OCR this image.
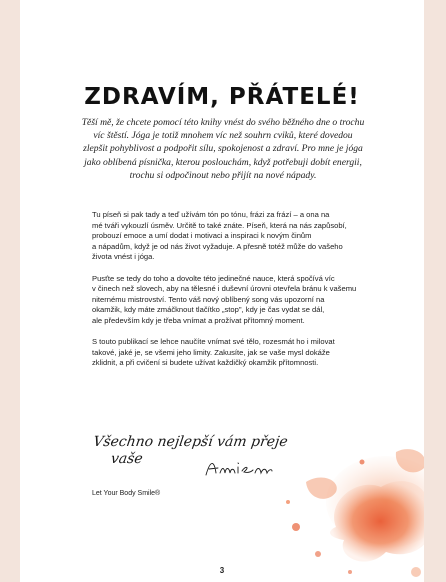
ZDRAVÍM, PŘÁTELÉ!
Těší mě, že chcete pomocí této knihy vnést do svého běžného dne o trochu
víc štěstí. Jóga je totiž mnohem víc než souhrn cviků, které dovedou
zlepšit pohyblivost a podpořit sílu, spokojenost a zdraví. Pro mne je jóga
jako oblíbená písnička, kterou poslouchám, když potřebuji dobít energii,
trochu si odpočinout nebo přijít na nové nápady.

Tu píseň si pak tady a teď užívám tón po tónu, frázi za frází – a ona na
mé tváři vykouzlí úsměv. Určitě to také znáte. Píseň, která na nás zapůsobí,
probouzí emoce a umí dodat i motivaci a inspiraci k novým činům
a nápadům, když je od nás život vyžaduje. A přesně totéž může do vašeho
života vnést i jóga.

Pusťte se tedy do toho a dovolte této jedinečné nauce, která spočívá víc
v činech než slovech, aby na tělesné i duševní úrovni otevřela bránu k vašemu
niternému mistrovství. Tento váš nový oblíbený song vás upozorní na
okamžik, kdy máte zmáčknout tlačítko „stop", kdy je čas vydat se dál,
ale především kdy je třeba vnímat a prožívat přítomný moment.

S touto publikací se lehce naučíte vnímat své tělo, rozesmát ho i milovat
takové, jaké je, se všemi jeho limity. Zakusíte, jak se vaše mysl dokáže
zklidnit, a při cvičení si budete užívat každičký okamžik přítomnosti.

Všechno nejlepší vám přeje
vaše
Let Your Body Smile®
3
